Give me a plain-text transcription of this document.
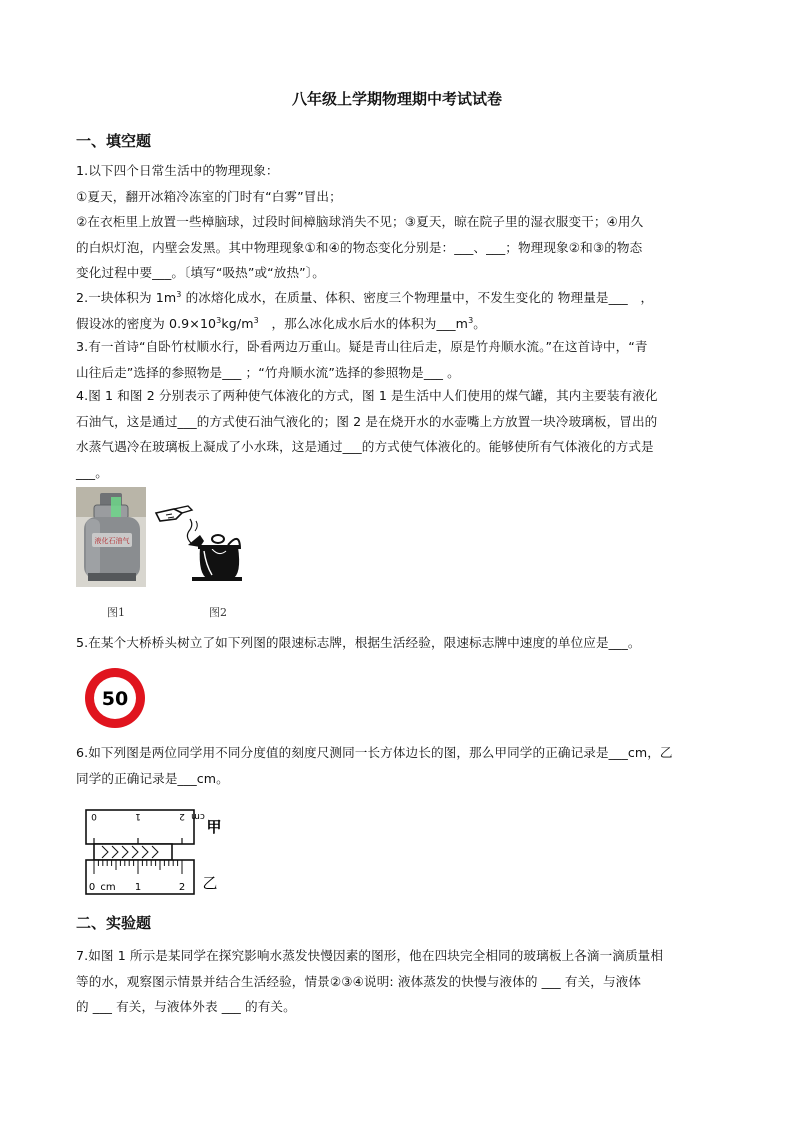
八年级上学期物理期中考试试卷
一、填空题

1.以下四个日常生活中的物理现象：

①夏天，翻开冰箱冷冻室的门时有“白雾”冒出；

②在衣柜里上放置一些樟脑球，过段时间樟脑球消失不见；③夏天，晾在院子里的湿衣服变干；④用久

的白炽灯泡，内壁会发黑。其中物理现象①和④的物态变化分别是：___、___；物理现象②和③的物态

变化过程中要___。〔填写“吸热”或“放热”〕。

2.一块体积为 $1m^3$ 的冰熔化成水，在质量、体积、密度三个物理量中，不发生变化的 物理量是___　，

假设冰的密度为 $0.9\times 10^3kg/m^3$　，那么冰化成水后水的体积为$\_\_\_m^3$。

3.有一首诗“自卧竹杖顺水行，卧看两边万重山。疑是青山往后走，原是竹舟顺水流。”在这首诗中，“青

山往后走”选择的参照物是___ ；“竹舟顺水流”选择的参照物是___ 。

4.图 1 和图 2 分别表示了两种使气体液化的方式，图 1 是生活中人们使用的煤气罐，其内主要装有液化

石油气，这是通过___的方式使石油气液化的；图 2 是在烧开水的水壶嘴上方放置一块冷玻璃板，冒出的

水蒸气遇冷在玻璃板上凝成了小水珠，这是通过___的方式使气体液化的。能够使所有气体液化的方式是

___。

液化石油气
图1	图2

5.在某个大桥桥头树立了如下列图的限速标志牌，根据生活经验，限速标志牌中速度的单位应是___。

50

6.如下列图是两位同学用不同分度值的刻度尺测同一长方体边长的图，那么甲同学的正确记录是___cm，乙

同学的正确记录是___cm。

0	1	2 cm
0 cm 1	2
甲
乙
二、实验题

7.如图 1 所示是某同学在探究影响水蒸发快慢因素的图形，他在四块完全相同的玻璃板上各滴一滴质量相

等的水，观察图示情景并结合生活经验，情景②③④说明: 液体蒸发的快慢与液体的 ___ 有关，与液体

的 ___ 有关，与液体外表 ___ 的有关。
